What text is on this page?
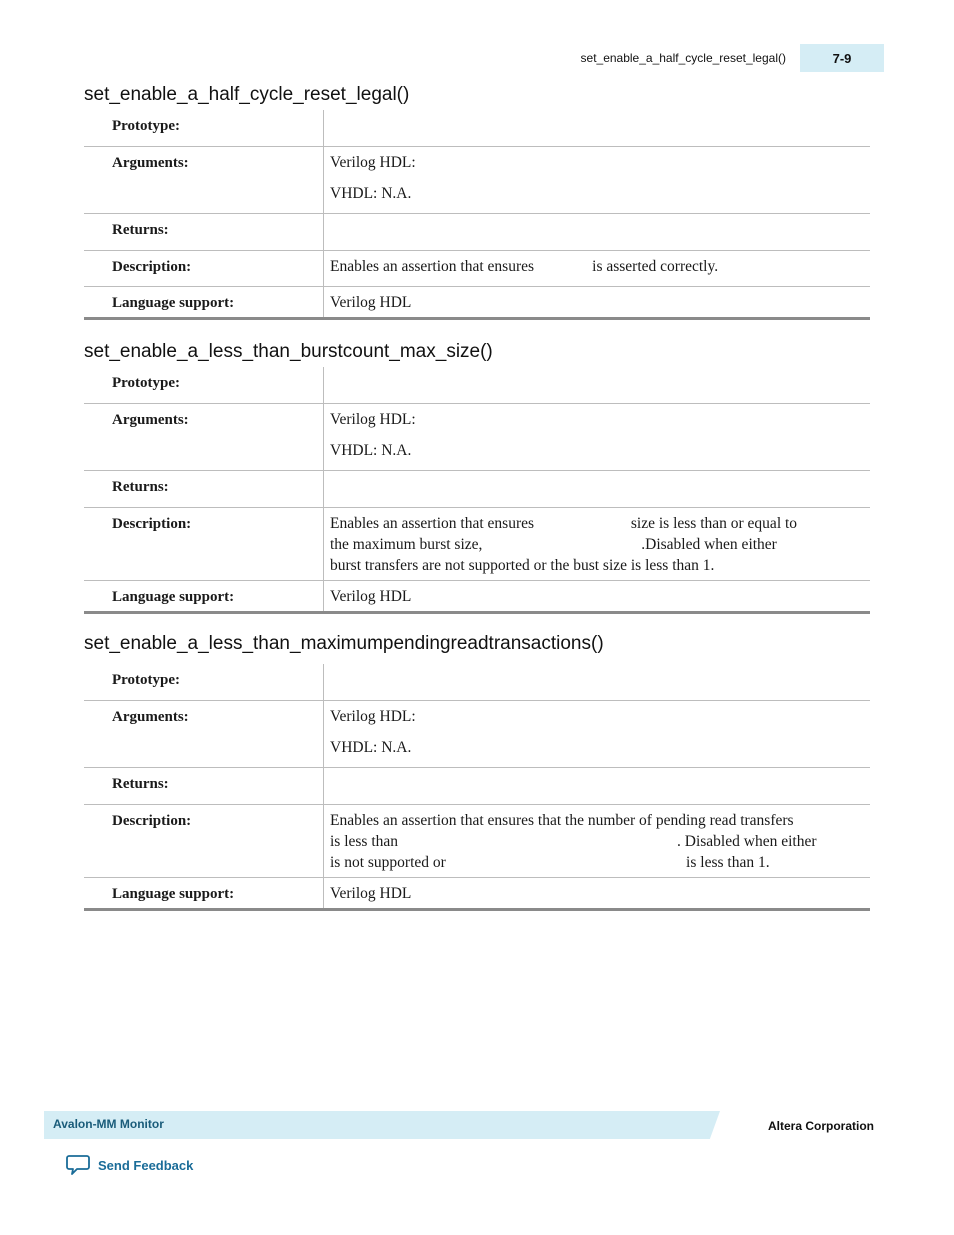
set_enable_a_half_cycle_reset_legal()	7-9
set_enable_a_half_cycle_reset_legal()
Prototype:
Arguments:	Verilog HDL:

VHDL: N.A.

Returns:
Description:	Enables an assertion that ensures               is asserted correctly.

Language support:	Verilog HDL
set_enable_a_less_than_burstcount_max_size()
Prototype:
Arguments:	Verilog HDL:

VHDL: N.A.

Returns:
Description:	Enables an assertion that ensures                         size is less than or equal to
the maximum burst size,                                         .Disabled when either
burst transfers are not supported or the bust size is less than 1.
Language support:	Verilog HDL
set_enable_a_less_than_maximumpendingreadtransactions()
Prototype:
Arguments:	Verilog HDL:

VHDL: N.A.

Returns:
Description:	Enables an assertion that ensures that the number of pending read transfers
is less than                                                                        . Disabled when either
is not supported or                                                              is less than 1.
Language support:	Verilog HDL
Avalon-MM Monitor	Altera Corporation
Send Feedback
